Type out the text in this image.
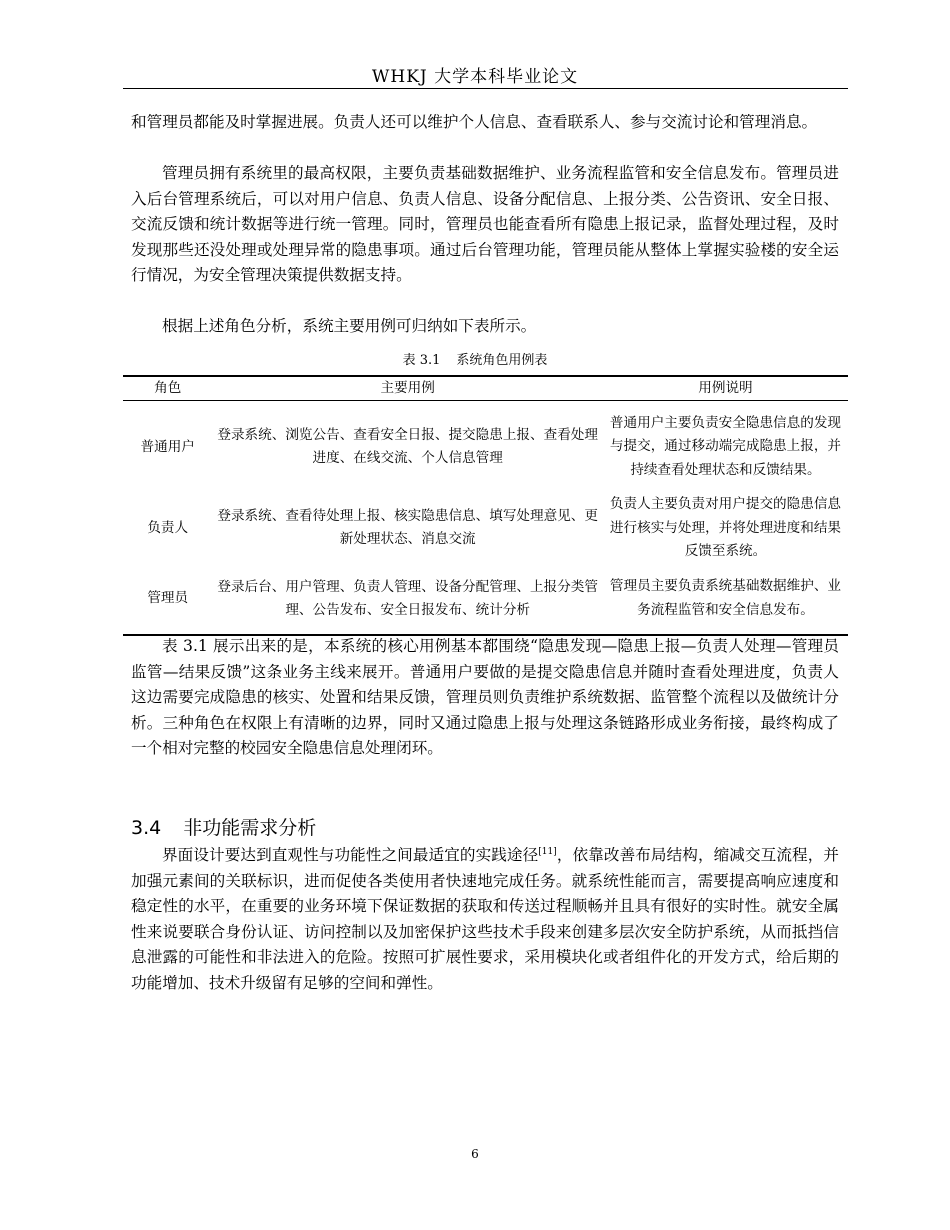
WHKJ 大学本科毕业论文

和管理员都能及时掌握进展。负责人还可以维护个人信息、查看联系人、参与交流讨论和管理消息。

管理员拥有系统里的最高权限，主要负责基础数据维护、业务流程监管和安全信息发布。管理员进入后台管理系统后，可以对用户信息、负责人信息、设备分配信息、上报分类、公告资讯、安全日报、交流反馈和统计数据等进行统一管理。同时，管理员也能查看所有隐患上报记录，监督处理过程，及时发现那些还没处理或处理异常的隐患事项。通过后台管理功能，管理员能从整体上掌握实验楼的安全运行情况，为安全管理决策提供数据支持。

根据上述角色分析，系统主要用例可归纳如下表所示。

表 3.1 系统角色用例表
角色	主要用例	用例说明
普通用户	登录系统、浏览公告、查看安全日报、提交隐患上报、查看处理进度、在线交流、个人信息管理	普通用户主要负责安全隐患信息的发现与提交，通过移动端完成隐患上报，并持续查看处理状态和反馈结果。
负责人	登录系统、查看待处理上报、核实隐患信息、填写处理意见、更新处理状态、消息交流	负责人主要负责对用户提交的隐患信息进行核实与处理，并将处理进度和结果反馈至系统。
管理员	登录后台、用户管理、负责人管理、设备分配管理、上报分类管理、公告发布、安全日报发布、统计分析	管理员主要负责系统基础数据维护、业务流程监管和安全信息发布。

表 3.1 展示出来的是，本系统的核心用例基本都围绕“隐患发现—隐患上报—负责人处理—管理员监管—结果反馈”这条业务主线来展开。普通用户要做的是提交隐患信息并随时查看处理进度，负责人这边需要完成隐患的核实、处置和结果反馈，管理员则负责维护系统数据、监管整个流程以及做统计分析。三种角色在权限上有清晰的边界，同时又通过隐患上报与处理这条链路形成业务衔接，最终构成了一个相对完整的校园安全隐患信息处理闭环。

3.4 非功能需求分析

界面设计要达到直观性与功能性之间最适宜的实践途径[11]，依靠改善布局结构，缩减交互流程，并加强元素间的关联标识，进而促使各类使用者快速地完成任务。就系统性能而言，需要提高响应速度和稳定性的水平，在重要的业务环境下保证数据的获取和传送过程顺畅并且具有很好的实时性。就安全属性来说要联合身份认证、访问控制以及加密保护这些技术手段来创建多层次安全防护系统，从而抵挡信息泄露的可能性和非法进入的危险。按照可扩展性要求，采用模块化或者组件化的开发方式，给后期的功能增加、技术升级留有足够的空间和弹性。

6
